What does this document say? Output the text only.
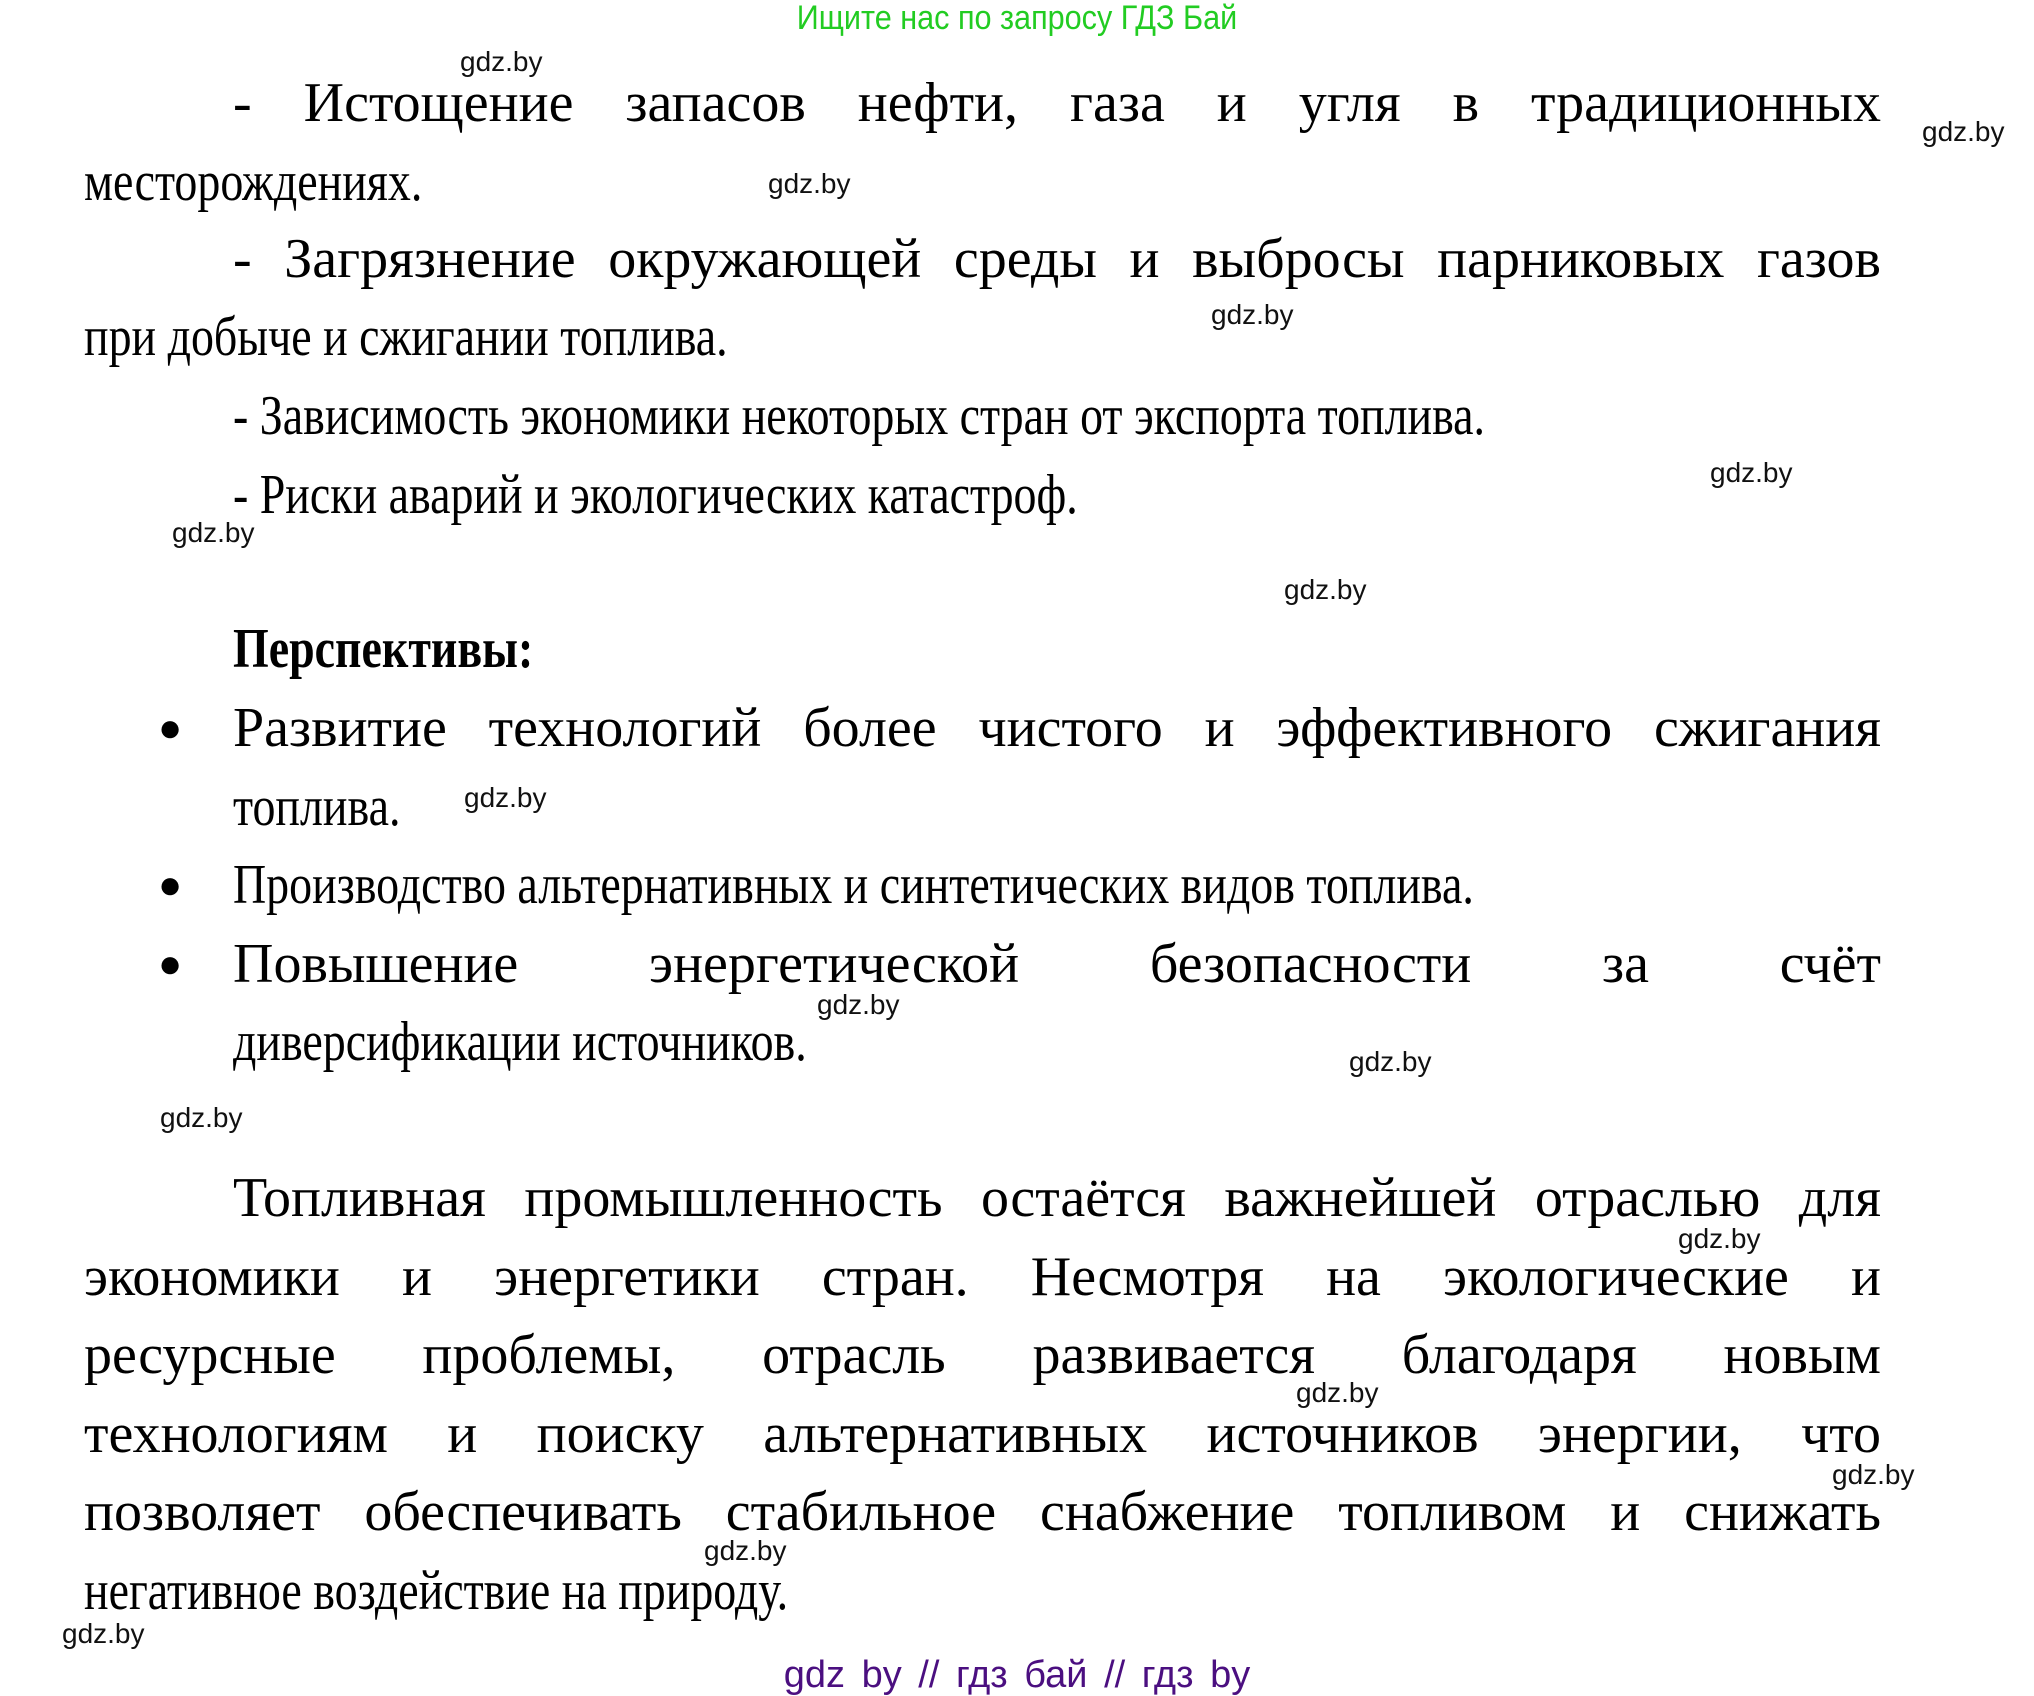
Ищите нас по запросу ГДЗ Бай
- Истощение запасов нефти, газа и угля в традиционных
месторождениях.
- Загрязнение окружающей среды и выбросы парниковых газов
при добыче и сжигании топлива.
- Зависимость экономики некоторых стран от экспорта топлива.
- Риски аварий и экологических катастроф.
Перспективы:
● Развитие технологий более чистого и эффективного сжигания
топлива.
● Производство альтернативных и синтетических видов топлива.
● Повышение энергетической безопасности за счёт
диверсификации источников.
Топливная промышленность остаётся важнейшей отраслью для
экономики и энергетики стран. Несмотря на экологические и
ресурсные проблемы, отрасль развивается благодаря новым
технологиям и поиску альтернативных источников энергии, что
позволяет обеспечивать стабильное снабжение топливом и снижать
негативное воздействие на природу.
gdz.by
gdz.by
gdz.by
gdz.by
gdz.by
gdz.by
gdz.by
gdz.by
gdz.by
gdz.by
gdz.by
gdz.by
gdz.by
gdz.by
gdz.by
gdz.by
gdz by // гдз бай // гдз by
